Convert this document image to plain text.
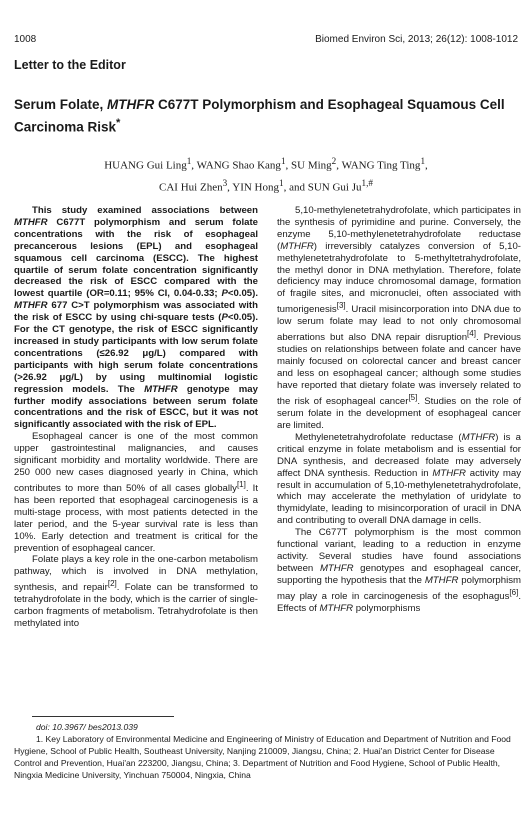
1008	Biomed Environ Sci, 2013; 26(12): 1008-1012
Letter to the Editor
Serum Folate, MTHFR C677T Polymorphism and Esophageal Squamous Cell Carcinoma Risk*
HUANG Gui Ling$^1$, WANG Shao Kang$^1$, SU Ming$^2$, WANG Ting Ting$^1$,
CAI Hui Zhen$^3$, YIN Hong$^1$, and SUN Gui $Ju^{1,\#}$

This study examined associations between MTHFR C677T polymorphism and serum folate concentrations with the risk of esophageal precancerous lesions (EPL) and esophageal squamous cell carcinoma (ESCC). The highest quartile of serum folate concentration significantly decreased the risk of ESCC compared with the lowest quartile (OR=0.11; 95% CI, 0.04-0.33; P<0.05). MTHFR 677 C>T polymorphism was associated with the risk of ESCC by using chi-square tests (P<0.05). For the CT genotype, the risk of ESCC significantly increased in study participants with low serum folate concentrations (≤26.92 μg/L) compared with participants with high serum folate concentrations (>26.92 μg/L) by using multinomial logistic regression models. The MTHFR genotype may further modify associations between serum folate concentrations and the risk of ESCC, but it was not significantly associated with the risk of EPL.

Esophageal cancer is one of the most common upper gastrointestinal malignancies, and causes significant morbidity and mortality worldwide. There are 250 000 new cases diagnosed yearly in China, which contributes to more than 50% of all cases globally[1]. It has been reported that esophageal carcinogenesis is a multi-stage process, with most patients detected in the later period, and the 5-year survival rate is less than 10%. Early detection and treatment is critical for the prevention of esophageal cancer.

Folate plays a key role in the one-carbon metabolism pathway, which is involved in DNA methylation, synthesis, and repair[2]. Folate can be transformed to tetrahydrofolate in the body, which is the carrier of single-carbon fragments of metabolism. Tetrahydrofolate is then methylated into

5,10-methylenetetrahydrofolate, which participates in the synthesis of pyrimidine and purine. Conversely, the enzyme 5,10-methylenetetrahydrofolate reductase (MTHFR) irreversibly catalyzes conversion of 5,10-methylenetetrahydrofolate to 5-methyltetrahydrofolate, the methyl donor in DNA methylation. Therefore, folate deficiency may induce chromosomal damage, formation of fragile sites, and micronuclei, often associated with tumorigenesis[3]. Uracil misincorporation into DNA due to low serum folate may lead to not only chromosomal aberrations but also DNA repair disruption[4]. Previous studies on relationships between folate and cancer have mainly focused on colorectal cancer and breast cancer and less on esophageal cancer; although some studies have reported that dietary folate was inversely related to the risk of esophageal cancer[5]. Studies on the role of serum folate in the development of esophageal cancer are limited.

Methylenetetrahydrofolate reductase (MTHFR) is a critical enzyme in folate metabolism and is essential for DNA synthesis, and decreased folate may adversely affect DNA synthesis. Reduction in MTHFR activity may result in accumulation of 5,10-methylenetetrahydrofolate, which may accelerate the methylation of uridylate to thymidylate, leading to misincorporation of uracil in DNA and contributing to overall DNA damage in cells.

The C677T polymorphism is the most common functional variant, leading to a reduction in enzyme activity. Several studies have found associations between MTHFR genotypes and esophageal cancer, supporting the hypothesis that the MTHFR polymorphism may play a role in carcinogenesis of the esophagus[6]. Effects of MTHFR polymorphisms

doi: 10.3967/ bes2013.039
1. Key Laboratory of Environmental Medicine and Engineering of Ministry of Education and Department of Nutrition and Food Hygiene, School of Public Health, Southeast University, Nanjing 210009, Jiangsu, China; 2. Huai'an District Center for Disease Control and Prevention, Huai'an 223200, Jiangsu, China; 3. Department of Nutrition and Food Hygiene, School of Public Health, Ningxia Medicine University, Yinchuan 750004, Ningxia, China
